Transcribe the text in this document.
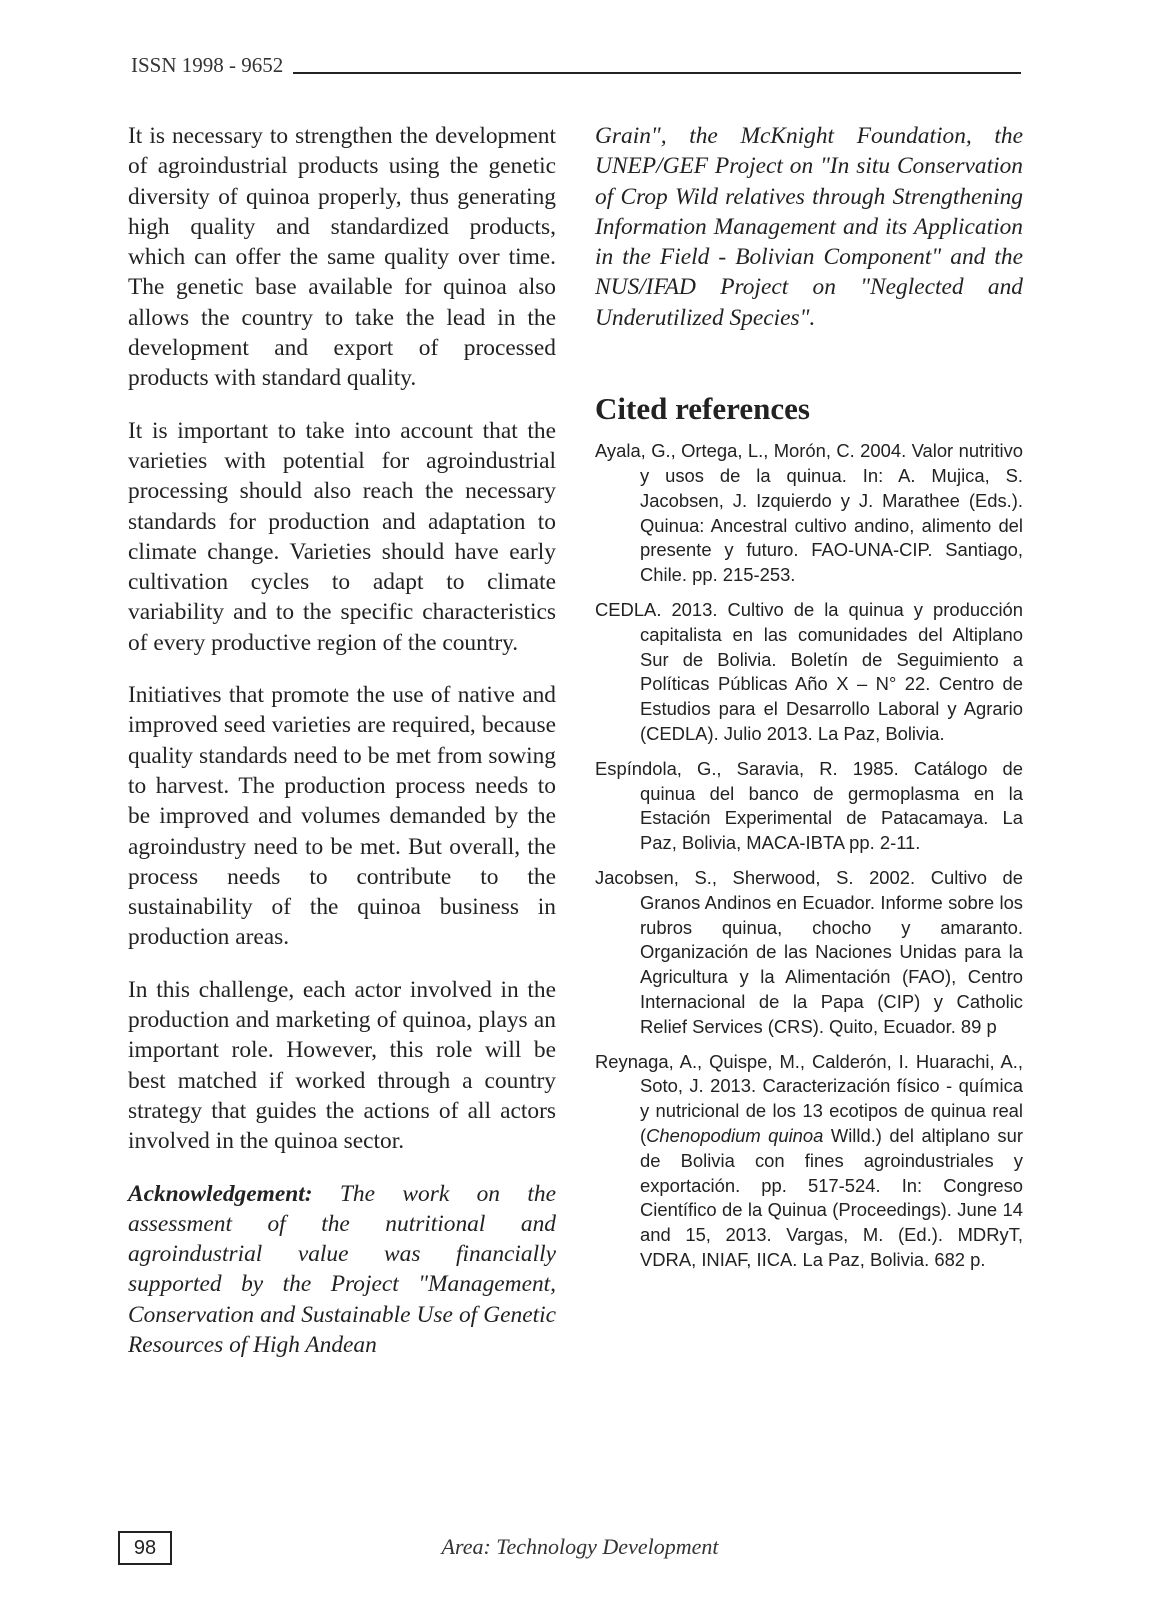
ISSN 1998 - 9652

It is necessary to strengthen the development of agroindustrial products using the genetic diversity of quinoa properly, thus generating high quality and standardized products, which can offer the same quality over time. The genetic base available for quinoa also allows the country to take the lead in the development and export of processed products with standard quality.

It is important to take into account that the varieties with potential for agroindustrial processing should also reach the necessary standards for production and adaptation to climate change. Varieties should have early cultivation cycles to adapt to climate variability and to the specific characteristics of every productive region of the country.

Initiatives that promote the use of native and improved seed varieties are required, because quality standards need to be met from sowing to harvest. The production process needs to be improved and volumes demanded by the agroindustry need to be met. But overall, the process needs to contribute to the sustainability of the quinoa business in production areas.

In this challenge, each actor involved in the production and marketing of quinoa, plays an important role. However, this role will be best matched if worked through a country strategy that guides the actions of all actors involved in the quinoa sector.

Acknowledgement: The work on the assessment of the nutritional and agroindustrial value was financially supported by the Project "Management, Conservation and Sustainable Use of Genetic Resources of High Andean

Grain", the McKnight Foundation, the UNEP/GEF Project on "In situ Conservation of Crop Wild relatives through Strengthening Information Management and its Application in the Field - Bolivian Component" and the NUS/IFAD Project on "Neglected and Underutilized Species".

Cited references

Ayala, G., Ortega, L., Morón, C. 2004. Valor nutritivo y usos de la quinua. In: A. Mujica, S. Jacobsen, J. Izquierdo y J. Marathee (Eds.). Quinua: Ancestral cultivo andino, alimento del presente y futuro. FAO-UNA-CIP. Santiago, Chile. pp. 215-253.

CEDLA. 2013. Cultivo de la quinua y producción capitalista en las comunidades del Altiplano Sur de Bolivia. Boletín de Seguimiento a Políticas Públicas Año X – N° 22. Centro de Estudios para el Desarrollo Laboral y Agrario (CEDLA). Julio 2013. La Paz, Bolivia.

Espíndola, G., Saravia, R. 1985. Catálogo de quinua del banco de germoplasma en la Estación Experimental de Patacamaya. La Paz, Bolivia, MACA-IBTA pp. 2-11.

Jacobsen, S., Sherwood, S. 2002. Cultivo de Granos Andinos en Ecuador. Informe sobre los rubros quinua, chocho y amaranto. Organización de las Naciones Unidas para la Agricultura y la Alimentación (FAO), Centro Internacional de la Papa (CIP) y Catholic Relief Services (CRS). Quito, Ecuador. 89 p

Reynaga, A., Quispe, M., Calderón, I. Huarachi, A., Soto, J. 2013. Caracterización físico - química y nutricional de los 13 ecotipos de quinua real (Chenopodium quinoa Willd.) del altiplano sur de Bolivia con fines agroindustriales y exportación. pp. 517-524. In: Congreso Científico de la Quinua (Proceedings). June 14 and 15, 2013. Vargas, M. (Ed.). MDRyT, VDRA, INIAF, IICA. La Paz, Bolivia. 682 p.

98	Area: Technology Development
